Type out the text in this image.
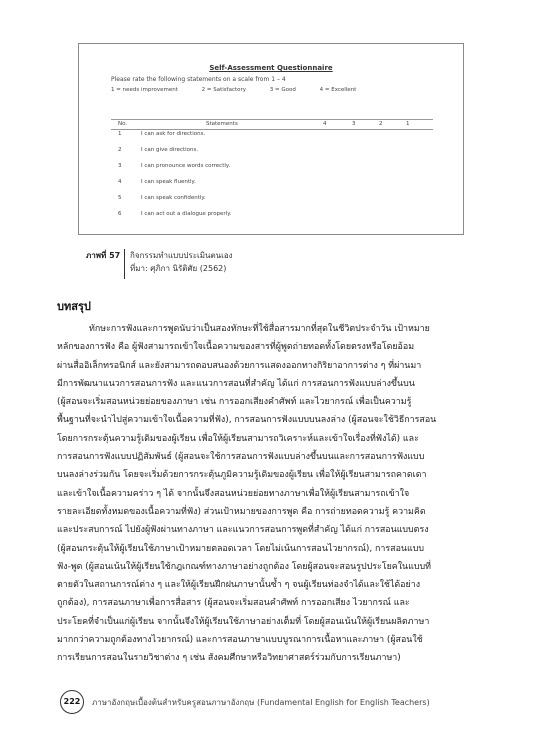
Self-Assessment Questionnaire
Please rate the following statements on a scale from 1 – 4
1 = needs improvement	2 = Satisfactory	3 = Good	4 = Excellent
No.	Statements	4	3	2	1
1	I can ask for directions.
2	I can give directions.
3	I can pronounce words correctly.
4	I can speak fluently.
5	I can speak confidently.
6	I can act out a dialogue properly.
ภาพที่ 57	กิจกรรมทำแบบประเมินตนเอง
ที่มา: ศุภิกา นิรัติศัย (2562)
บทสรุป
ทักษะการฟังและการพูดนับว่าเป็นสองทักษะที่ใช้สื่อสารมากที่สุดในชีวิตประจำวัน เป้าหมาย
หลักของการฟัง คือ ผู้ฟังสามารถเข้าใจเนื้อความของสารที่ผู้พูดถ่ายทอดทั้งโดยตรงหรือโดยอ้อม
ผ่านสื่ออิเล็กทรอนิกส์ และยังสามารถตอบสนองด้วยการแสดงออกทางกิริยาอาการต่าง ๆ ที่ผ่านมา
มีการพัฒนาแนวการสอนการฟัง และแนวการสอนที่สำคัญ ได้แก่ การสอนการฟังแบบล่างขึ้นบน
(ผู้สอนจะเริ่มสอนหน่วยย่อยของภาษา เช่น การออกเสียงคำศัพท์ และไวยากรณ์ เพื่อเป็นความรู้
พื้นฐานที่จะนำไปสู่ความเข้าใจเนื้อความที่ฟัง), การสอนการฟังแบบบนลงล่าง (ผู้สอนจะใช้วิธีการสอน
โดยการกระตุ้นความรู้เดิมของผู้เรียน เพื่อให้ผู้เรียนสามารถวิเคราะห์และเข้าใจเรื่องที่ฟังได้) และ
การสอนการฟังแบบปฏิสัมพันธ์ (ผู้สอนจะใช้การสอนการฟังแบบล่างขึ้นบนและการสอนการฟังแบบ
บนลงล่างร่วมกัน โดยจะเริ่มด้วยการกระตุ้นภูมิความรู้เดิมของผู้เรียน เพื่อให้ผู้เรียนสามารถคาดเดา
และเข้าใจเนื้อความคร่าว ๆ ได้ จากนั้นจึงสอนหน่วยย่อยทางภาษาเพื่อให้ผู้เรียนสามารถเข้าใจ
รายละเอียดทั้งหมดของเนื้อความที่ฟัง) ส่วนเป้าหมายของการพูด คือ การถ่ายทอดความรู้ ความคิด
และประสบการณ์ ไปยังผู้ฟังผ่านทางภาษา และแนวการสอนการพูดที่สำคัญ ได้แก่ การสอนแบบตรง
(ผู้สอนกระตุ้นให้ผู้เรียนใช้ภาษาเป้าหมายตลอดเวลา โดยไม่เน้นการสอนไวยากรณ์), การสอนแบบ
ฟัง-พูด (ผู้สอนเน้นให้ผู้เรียนใช้กฎเกณฑ์ทางภาษาอย่างถูกต้อง โดยผู้สอนจะสอนรูปประโยคในแบบที่
ตายตัวในสถานการณ์ต่าง ๆ และให้ผู้เรียนฝึกฝนภาษานั้นซ้ำ ๆ จนผู้เรียนท่องจำได้และใช้ได้อย่าง
ถูกต้อง), การสอนภาษาเพื่อการสื่อสาร (ผู้สอนจะเริ่มสอนคำศัพท์ การออกเสียง ไวยากรณ์ และ
ประโยคที่จำเป็นแก่ผู้เรียน จากนั้นจึงให้ผู้เรียนใช้ภาษาอย่างเต็มที่ โดยผู้สอนเน้นให้ผู้เรียนผลิตภาษา
มากกว่าความถูกต้องทางไวยากรณ์) และการสอนภาษาแบบบูรณาการเนื้อหาและภาษา (ผู้สอนใช้
การเรียนการสอนในรายวิชาต่าง ๆ เช่น สังคมศึกษาหรือวิทยาศาสตร์ร่วมกับการเรียนภาษา)
222	ภาษาอังกฤษเบื้องต้นสำหรับครูสอนภาษาอังกฤษ (Fundamental English for English Teachers)
